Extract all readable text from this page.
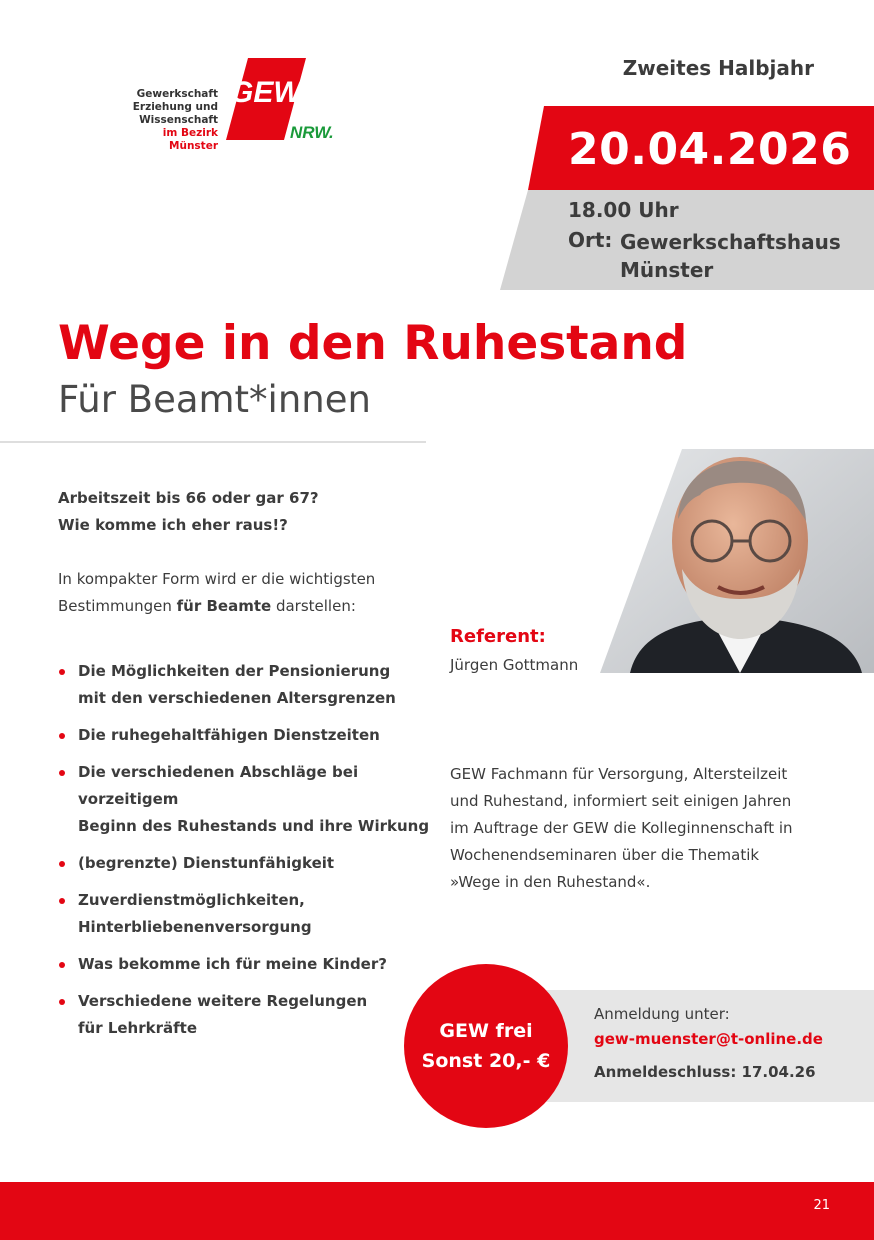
Gewerkschaft
Erziehung und Wissenschaft
im Bezirk
Münster
GEW
NRW.
Zweites Halbjahr
20.04.2026
18.00 Uhr
Ort: Gewerkschaftshaus
Münster
Wege in den Ruhestand
Für Beamt*innen
Arbeitszeit bis 66 oder gar 67?
Wie komme ich eher raus!?
In kompakter Form wird er die wichtigsten
Bestimmungen für Beamte darstellen:
Die Möglichkeiten der Pensionierung
mit den verschiedenen Altersgrenzen
Die ruhegehaltfähigen Dienstzeiten
Die verschiedenen Abschläge bei vorzeitigem
Beginn des Ruhestands und ihre Wirkung
(begrenzte) Dienstunfähigkeit
Zuverdienstmöglichkeiten,
Hinterbliebenenversorgung
Was bekomme ich für meine Kinder?
Verschiedene weitere Regelungen
für Lehrkräfte
Referent:
Jürgen Gottmann
GEW Fachmann für Versorgung, Altersteilzeit
und Ruhestand, informiert seit einigen Jahren
im Auftrage der GEW die Kolleginnenschaft in
Wochenendseminaren über die Thematik
»Wege in den Ruhestand«.
GEW frei
Sonst 20,- €
Anmeldung unter:
gew-muenster@t-online.de
Anmeldeschluss: 17.04.26
21
